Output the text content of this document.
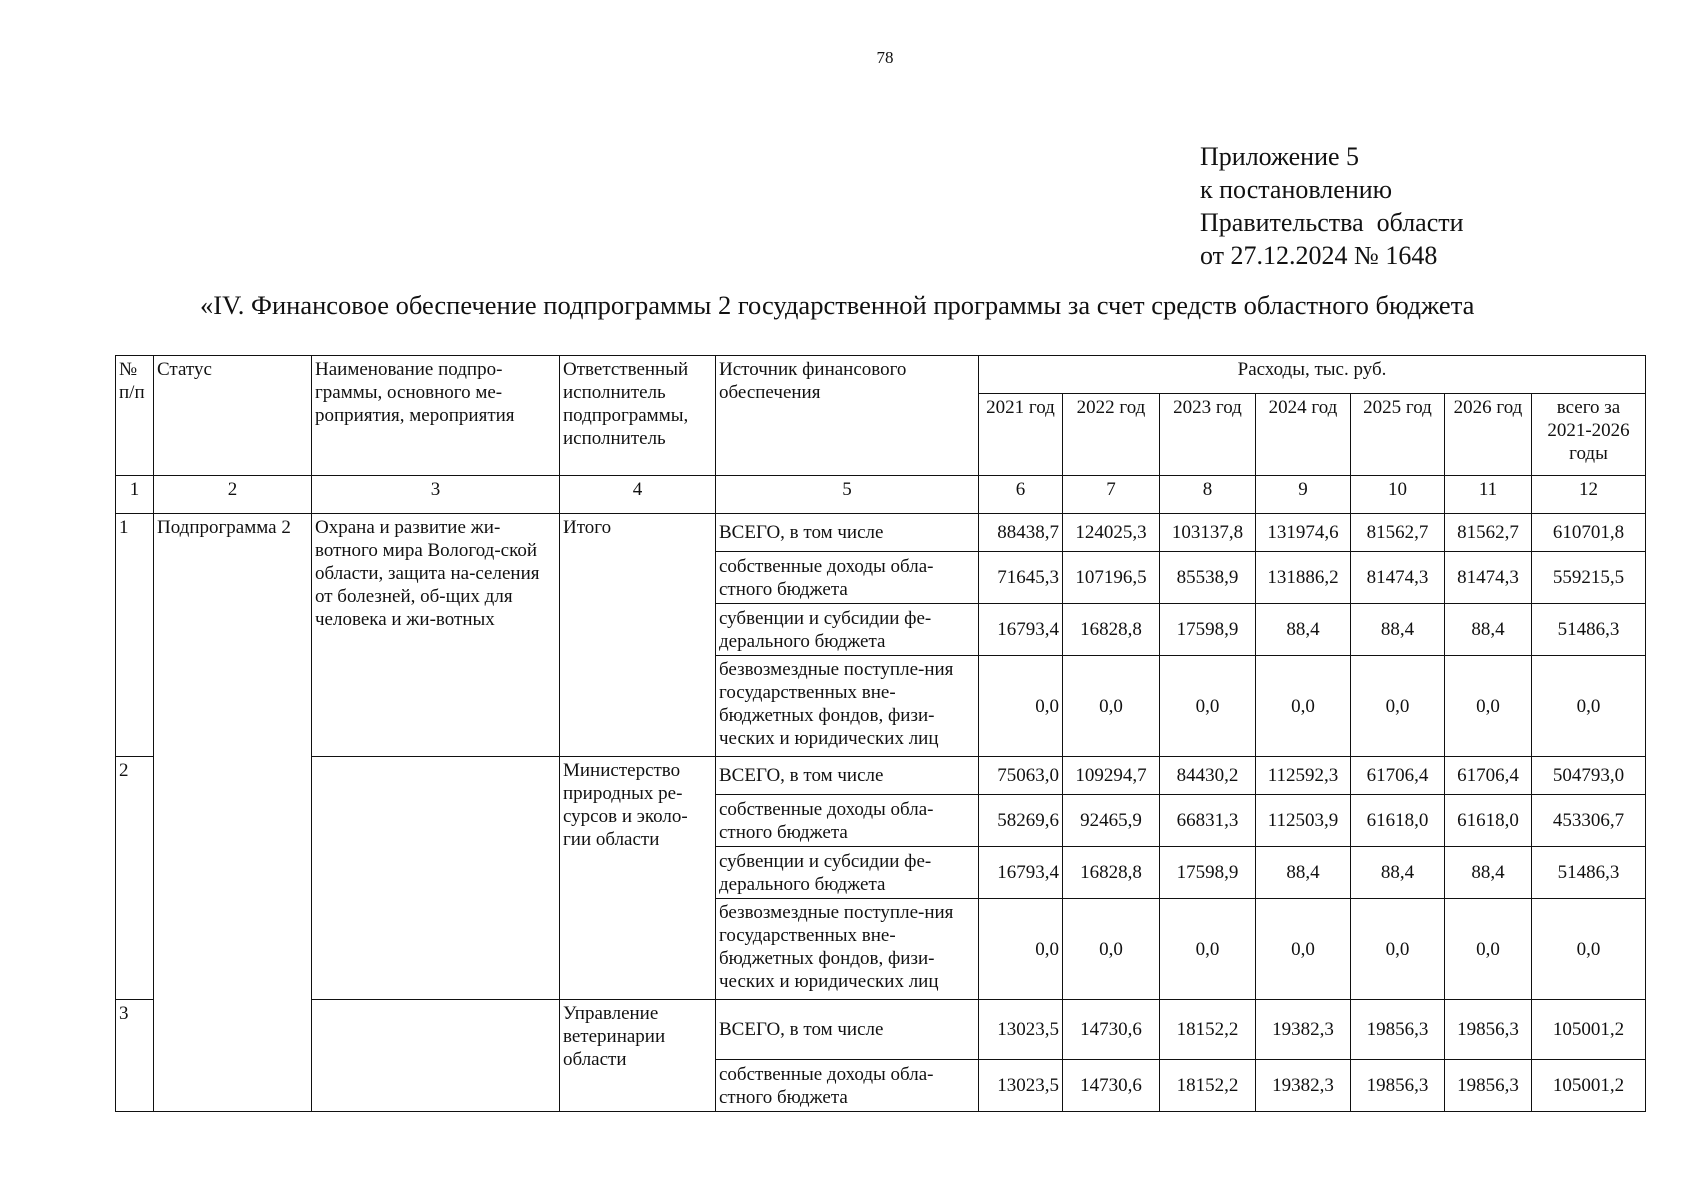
78
Приложение 5
к постановлению
Правительства  области
от 27.12.2024 № 1648
«IV. Финансовое обеспечение подпрограммы 2 государственной программы за счет средств областного бюджета
№ п/п	Статус	Наименование подпро-граммы, основного ме-роприятия, мероприятия	Ответственный исполнитель подпрограммы, исполнитель	Источник финансового обеспечения	Расходы, тыс. руб.						
					2021 год	2022 год	2023 год	2024 год	2025 год	2026 год	всего за 2021-2026 годы
1	2	3	4	5	6	7	8	9	10	11	12
1	Подпрограмма 2	Охрана и развитие жи-вотного мира Вологод-ской области, защита на-селения от болезней, об-щих для человека и жи-вотных	Итого	ВСЕГО, в том числе	88438,7	124025,3	103137,8	131974,6	81562,7	81562,7	610701,8
				собственные доходы обла-стного бюджета	71645,3	107196,5	85538,9	131886,2	81474,3	81474,3	559215,5
				субвенции и субсидии фе-дерального бюджета	16793,4	16828,8	17598,9	88,4	88,4	88,4	51486,3
				безвозмездные поступле-ния государственных вне-бюджетных фондов, физи-ческих и юридических лиц	0,0	0,0	0,0	0,0	0,0	0,0	0,0
2			Министерство природных ре-сурсов и эколо-гии области	ВСЕГО, в том числе	75063,0	109294,7	84430,2	112592,3	61706,4	61706,4	504793,0
				собственные доходы обла-стного бюджета	58269,6	92465,9	66831,3	112503,9	61618,0	61618,0	453306,7
				субвенции и субсидии фе-дерального бюджета	16793,4	16828,8	17598,9	88,4	88,4	88,4	51486,3
				безвозмездные поступле-ния государственных вне-бюджетных фондов, физи-ческих и юридических лиц	0,0	0,0	0,0	0,0	0,0	0,0	0,0
3			Управление ветеринарии области	ВСЕГО, в том числе	13023,5	14730,6	18152,2	19382,3	19856,3	19856,3	105001,2
				собственные доходы обла-стного бюджета	13023,5	14730,6	18152,2	19382,3	19856,3	19856,3	105001,2
